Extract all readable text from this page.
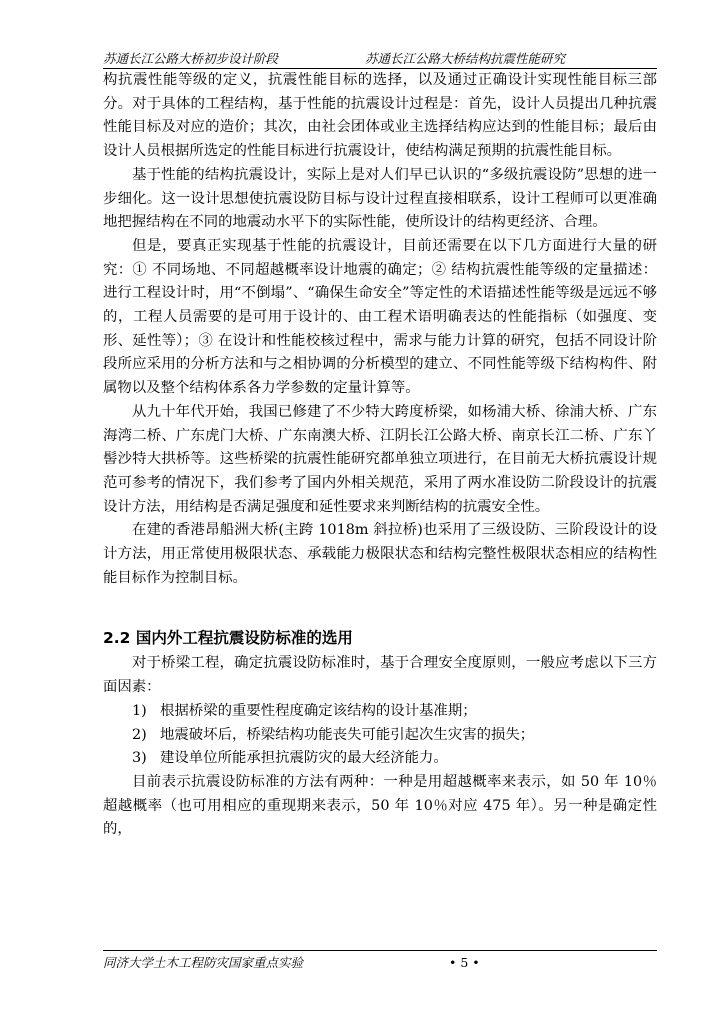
苏通长江公路大桥初步设计阶段	苏通长江公路大桥结构抗震性能研究

构抗震性能等级的定义，抗震性能目标的选择，以及通过正确设计实现性能目标三部分。对于具体的工程结构，基于性能的抗震设计过程是：首先，设计人员提出几种抗震性能目标及对应的造价；其次，由社会团体或业主选择结构应达到的性能目标；最后由设计人员根据所选定的性能目标进行抗震设计，使结构满足预期的抗震性能目标。

基于性能的结构抗震设计，实际上是对人们早已认识的“多级抗震设防”思想的进一步细化。这一设计思想使抗震设防目标与设计过程直接相联系，设计工程师可以更准确地把握结构在不同的地震动水平下的实际性能，使所设计的结构更经济、合理。

但是，要真正实现基于性能的抗震设计，目前还需要在以下几方面进行大量的研究：① 不同场地、不同超越概率设计地震的确定；② 结构抗震性能等级的定量描述：进行工程设计时，用“不倒塌”、“确保生命安全”等定性的术语描述性能等级是远远不够的，工程人员需要的是可用于设计的、由工程术语明确表达的性能指标（如强度、变形、延性等）；③ 在设计和性能校核过程中，需求与能力计算的研究，包括不同设计阶段所应采用的分析方法和与之相协调的分析模型的建立、不同性能等级下结构构件、附属物以及整个结构体系各力学参数的定量计算等。

从九十年代开始，我国已修建了不少特大跨度桥梁，如杨浦大桥、徐浦大桥、广东海湾二桥、广东虎门大桥、广东南澳大桥、江阴长江公路大桥、南京长江二桥、广东丫髻沙特大拱桥等。这些桥梁的抗震性能研究都单独立项进行，在目前无大桥抗震设计规范可参考的情况下，我们参考了国内外相关规范，采用了两水准设防二阶段设计的抗震设计方法，用结构是否满足强度和延性要求来判断结构的抗震安全性。

在建的香港昂船洲大桥(主跨 1018m 斜拉桥)也采用了三级设防、三阶段设计的设计方法，用正常使用极限状态、承载能力极限状态和结构完整性极限状态相应的结构性能目标作为控制目标。

2.2 国内外工程抗震设防标准的选用

对于桥梁工程，确定抗震设防标准时，基于合理安全度原则，一般应考虑以下三方面因素：

1) 根据桥梁的重要性程度确定该结构的设计基准期；

2) 地震破坏后，桥梁结构功能丧失可能引起次生灾害的损失；

3) 建设单位所能承担抗震防灾的最大经济能力。

目前表示抗震设防标准的方法有两种：一种是用超越概率来表示，如 50 年 10％超越概率（也可用相应的重现期来表示，50 年 10％对应 475 年）。另一种是确定性的，

同济大学土木工程防灾国家重点实验	• 5 •
